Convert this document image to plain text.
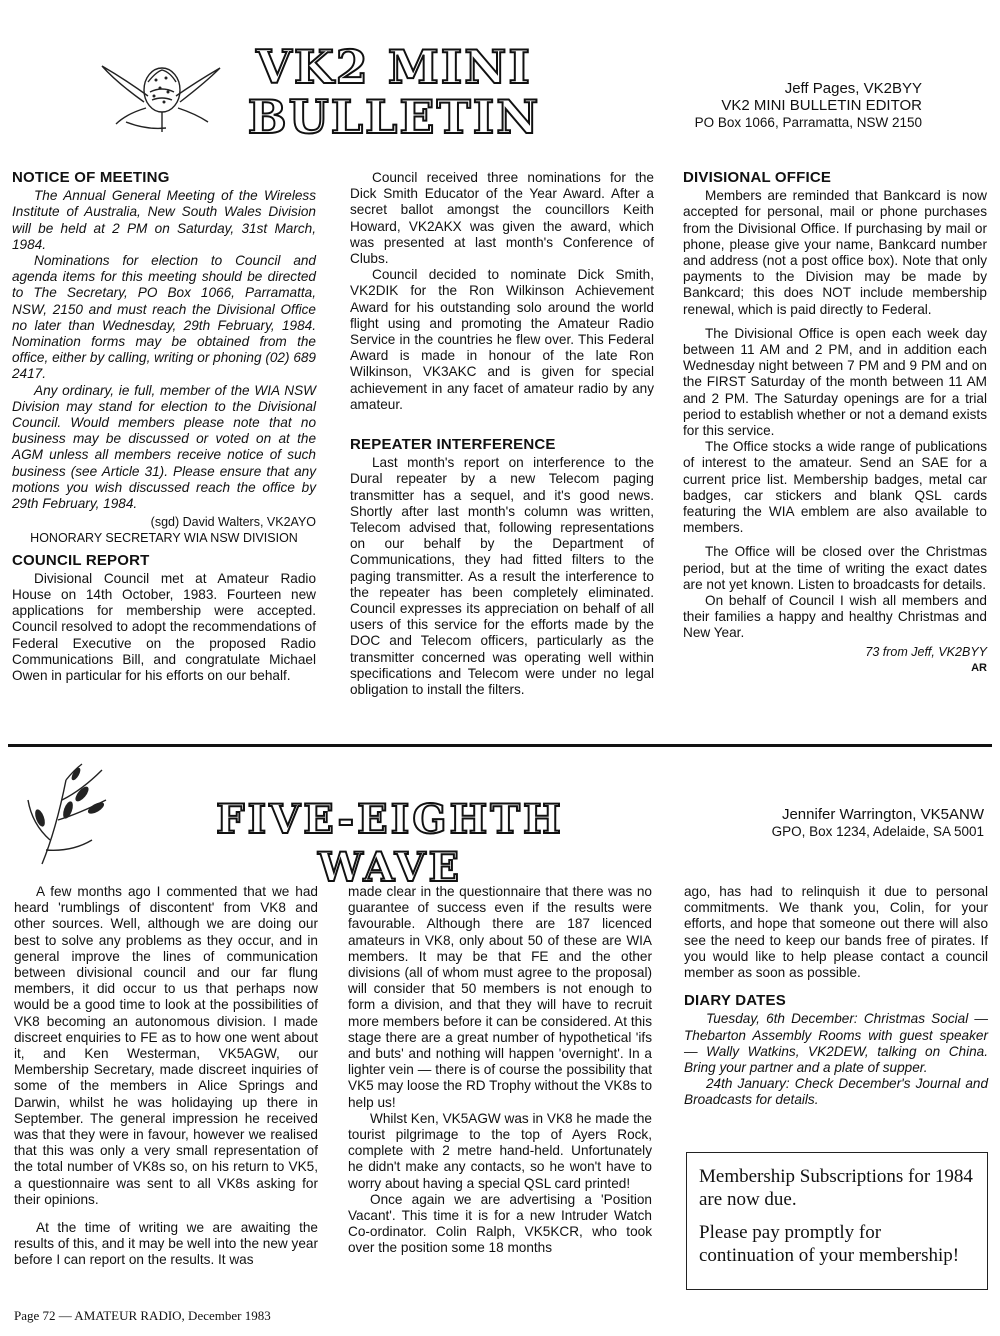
VK2 MINI
BULLETIN
Jeff Pages, VK2BYY
VK2 MINI BULLETIN EDITOR
PO Box 1066, Parramatta, NSW 2150
NOTICE OF MEETING

The Annual General Meeting of the Wireless Institute of Australia, New South Wales Division will be held at 2 PM on Saturday, 31st March, 1984.

Nominations for election to Council and agenda items for this meeting should be directed to The Secretary, PO Box 1066, Parramatta, NSW, 2150 and must reach the Divisional Office no later than Wednesday, 29th February, 1984. Nomination forms may be obtained from the office, either by calling, writing or phoning (02) 689 2417.

Any ordinary, ie full, member of the WIA NSW Division may stand for election to the Divisional Council. Would members please note that no business may be discussed or voted on at the AGM unless all members receive notice of such business (see Article 31). Please ensure that any motions you wish discussed reach the office by 29th February, 1984.

(sgd) David Walters, VK2AYO

HONORARY SECRETARY WIA NSW DIVISION

COUNCIL REPORT

Divisional Council met at Amateur Radio House on 14th October, 1983. Fourteen new applications for membership were accepted. Council resolved to adopt the recommendations of Federal Executive on the proposed Radio Communications Bill, and congratulate Michael Owen in particular for his efforts on our behalf.

Council received three nominations for the Dick Smith Educator of the Year Award. After a secret ballot amongst the councillors Keith Howard, VK2AKX was given the award, which was presented at last month's Conference of Clubs.

Council decided to nominate Dick Smith, VK2DIK for the Ron Wilkinson Achievement Award for his outstanding solo around the world flight using and promoting the Amateur Radio Service in the countries he flew over. This Federal Award is made in honour of the late Ron Wilkinson, VK3AKC and is given for special achievement in any facet of amateur radio by any amateur.

REPEATER INTERFERENCE

Last month's report on interference to the Dural repeater by a new Telecom paging transmitter has a sequel, and it's good news. Shortly after last month's column was written, Telecom advised that, following representations on our behalf by the Department of Communications, they had fitted filters to the paging transmitter. As a result the interference to the repeater has been completely eliminated. Council expresses its appreciation on behalf of all users of this service for the efforts made by the DOC and Telecom officers, particularly as the transmitter concerned was operating well within specifications and Telecom were under no legal obligation to install the filters.

DIVISIONAL OFFICE

Members are reminded that Bankcard is now accepted for personal, mail or phone purchases from the Divisional Office. If purchasing by mail or phone, please give your name, Bankcard number and address (not a post office box). Note that only payments to the Division may be made by Bankcard; this does NOT include membership renewal, which is paid directly to Federal.

The Divisional Office is open each week day between 11 AM and 2 PM, and in addition each Wednesday night between 7 PM and 9 PM and on the FIRST Saturday of the month between 11 AM and 2 PM. The Saturday openings are for a trial period to establish whether or not a demand exists for this service.

The Office stocks a wide range of publications of interest to the amateur. Send an SAE for a current price list. Membership badges, metal car badges, car stickers and blank QSL cards featuring the WIA emblem are also available to members.

The Office will be closed over the Christmas period, but at the time of writing the exact dates are not yet known. Listen to broadcasts for details.

On behalf of Council I wish all members and their families a happy and healthy Christmas and New Year.

73 from Jeff, VK2BYY

AR

FIVE-EIGHTH WAVE
Jennifer Warrington, VK5ANW
GPO, Box 1234, Adelaide, SA 5001

A few months ago I commented that we had heard 'rumblings of discontent' from VK8 and other sources. Well, although we are doing our best to solve any problems as they occur, and in general improve the lines of communication between divisional council and our far flung members, it did occur to us that perhaps now would be a good time to look at the possibilities of VK8 becoming an autonomous division. I made discreet enquiries to FE as to how one went about it, and Ken Westerman, VK5AGW, our Membership Secretary, made discreet inquiries of some of the members in Alice Springs and Darwin, whilst he was holidaying up there in September. The general impression he received was that they were in favour, however we realised that this was only a very small representation of the total number of VK8s so, on his return to VK5, a questionnaire was sent to all VK8s asking for their opinions.

At the time of writing we are awaiting the results of this, and it may be well into the new year before I can report on the results. It was

made clear in the questionnaire that there was no guarantee of success even if the results were favourable. Although there are 187 licenced amateurs in VK8, only about 50 of these are WIA members. It may be that FE and the other divisions (all of whom must agree to the proposal) will consider that 50 members is not enough to form a division, and that they will have to recruit more members before it can be considered. At this stage there are a great number of hypothetical 'ifs and buts' and nothing will happen 'overnight'. In a lighter vein — there is of course the possibility that VK5 may loose the RD Trophy without the VK8s to help us!

Whilst Ken, VK5AGW was in VK8 he made the tourist pilgrimage to the top of Ayers Rock, complete with 2 metre hand-held. Unfortunately he didn't make any contacts, so he won't have to worry about having a special QSL card printed!

Once again we are advertising a 'Position Vacant'. This time it is for a new Intruder Watch Co-ordinator. Colin Ralph, VK5KCR, who took over the position some 18 months

ago, has had to relinquish it due to personal commitments. We thank you, Colin, for your efforts, and hope that someone out there will also see the need to keep our bands free of pirates. If you would like to help please contact a council member as soon as possible.

DIARY DATES

Tuesday, 6th December: Christmas Social — Thebarton Assembly Rooms with guest speaker — Wally Watkins, VK2DEW, talking on China. Bring your partner and a plate of supper.

24th January: Check December's Journal and Broadcasts for details.

Membership Subscriptions for 1984 are now due.

Please pay promptly for continuation of your membership!

Page 72 — AMATEUR RADIO, December 1983
